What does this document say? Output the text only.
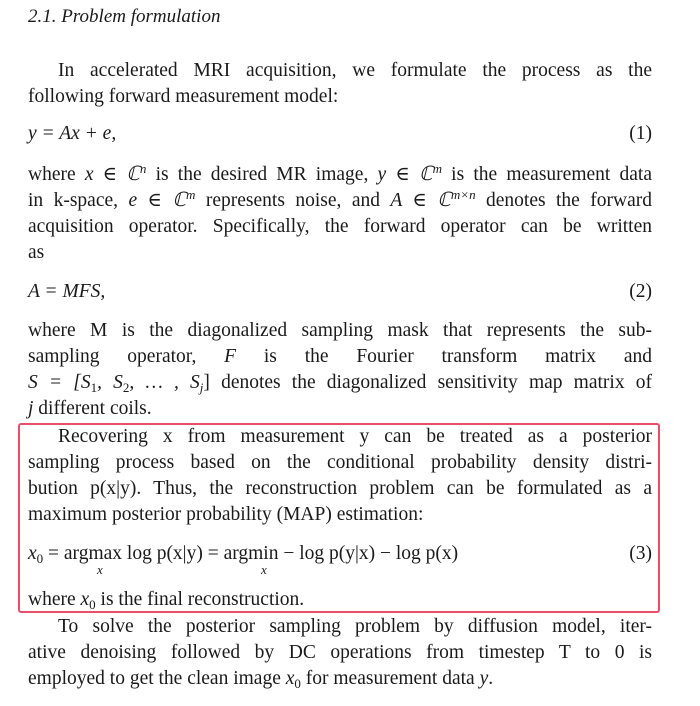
2.1. Problem formulation
In accelerated MRI acquisition, we formulate the process as the
following forward measurement model:
y = Ax + e,	(1)
where x ∈ ℂ$^n$ is the desired MR image, y ∈ ℂ$^m$ is the measurement data
in k-space, e ∈ ℂ$^m$ represents noise, and A ∈ ℂ$^{m\times n}$ denotes the forward
acquisition operator. Specifically, the forward operator can be written
as
A = MFS,	(2)
where M is the diagonalized sampling mask that represents the sub-
sampling operator, F is the Fourier transform matrix and
$S = [S_1$, $S_2$, … , $S_j$] denotes the diagonalized sensitivity map matrix of
j different coils.
Recovering x from measurement y can be treated as a posterior
sampling process based on the conditional probability density distri-
bution p(x|y). Thus, the reconstruction problem can be formulated as a
maximum posterior probability (MAP) estimation:
$x_0 = argmax$ log p(x|y) = argmin − log p(y|x) − log p(x)	(3)
x	x
where $x_0$ is the final reconstruction.
To solve the posterior sampling problem by diffusion model, iter-
ative denoising followed by DC operations from timestep T to 0 is
employed to get the clean image $x_0$ for measurement data y.
